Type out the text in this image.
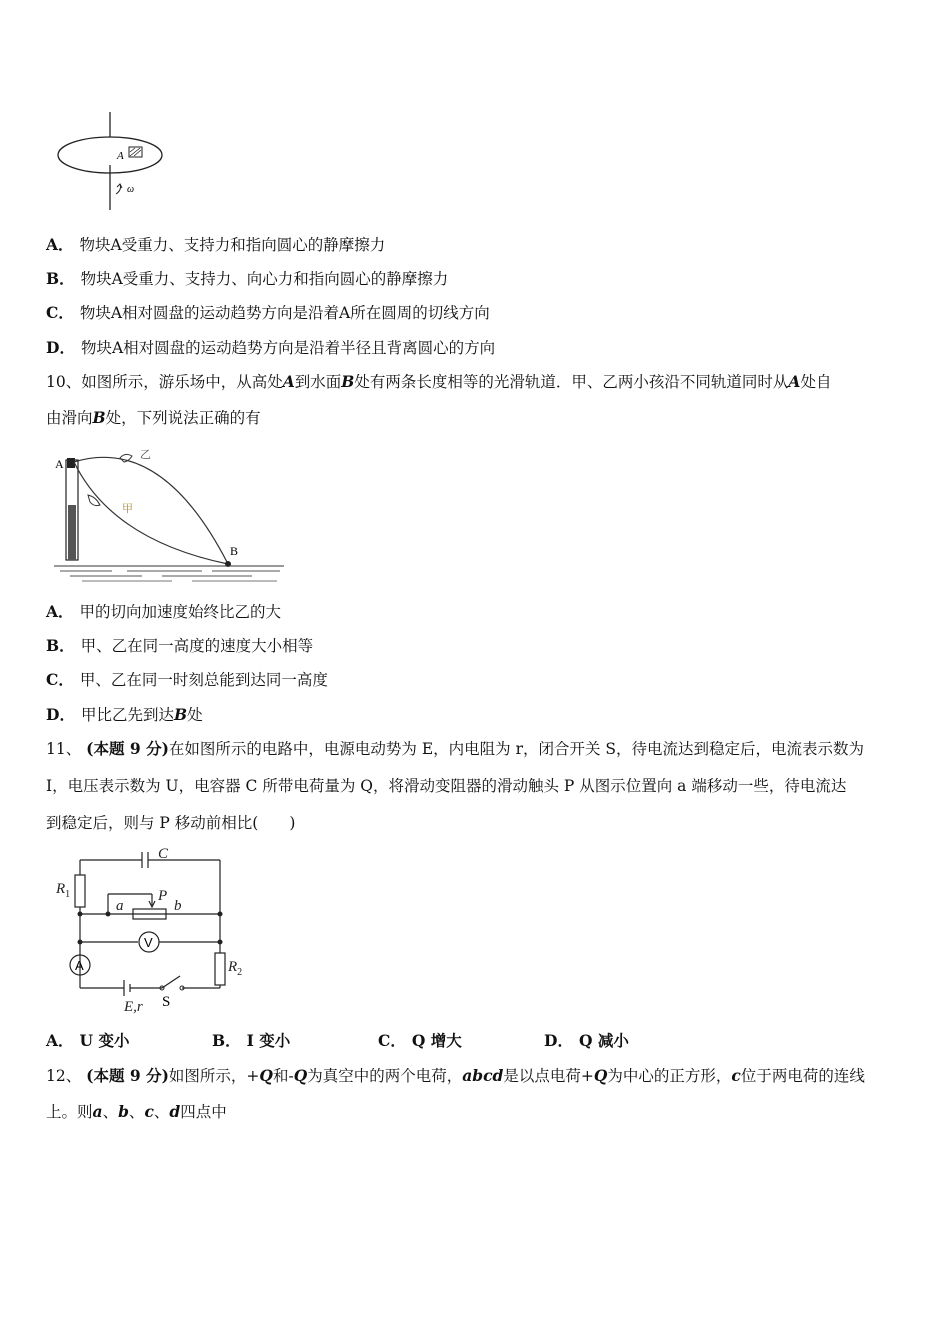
A
ω
A． 物块A受重力、支持力和指向圆心的静摩擦力
B． 物块A受重力、支持力、向心力和指向圆心的静摩擦力
C． 物块A相对圆盘的运动趋势方向是沿着A所在圆周的切线方向
D． 物块A相对圆盘的运动趋势方向是沿着半径且背离圆心的方向
10、如图所示，游乐场中，从高处A到水面B处有两条长度相等的光滑轨道．甲、乙两小孩沿不同轨道同时从A处自
由滑向B处，下列说法正确的有
A
B
乙
甲
A． 甲的切向加速度始终比乙的大
B． 甲、乙在同一高度的速度大小相等
C． 甲、乙在同一时刻总能到达同一高度
D． 甲比乙先到达B处
11、 (本题 9 分)在如图所示的电路中，电源电动势为 E，内电阻为 r，闭合开关 S，待电流达到稳定后，电流表示数为
I，电压表示数为 U，电容器 C 所带电荷量为 Q，将滑动变阻器的滑动触头 P 从图示位置向 a 端移动一些，待电流达
到稳定后，则与 P 移动前相比(　　)
C
$R_1$
a
P
b
$R_2$
E,r
V
A
S
A． U 变小	B． I 变小	C． Q 增大	D． Q 减小
12、 (本题 9 分)如图所示，+Q和-Q为真空中的两个电荷，abcd是以点电荷+Q为中心的正方形，c位于两电荷的连线
上。则a、b、c、d四点中
